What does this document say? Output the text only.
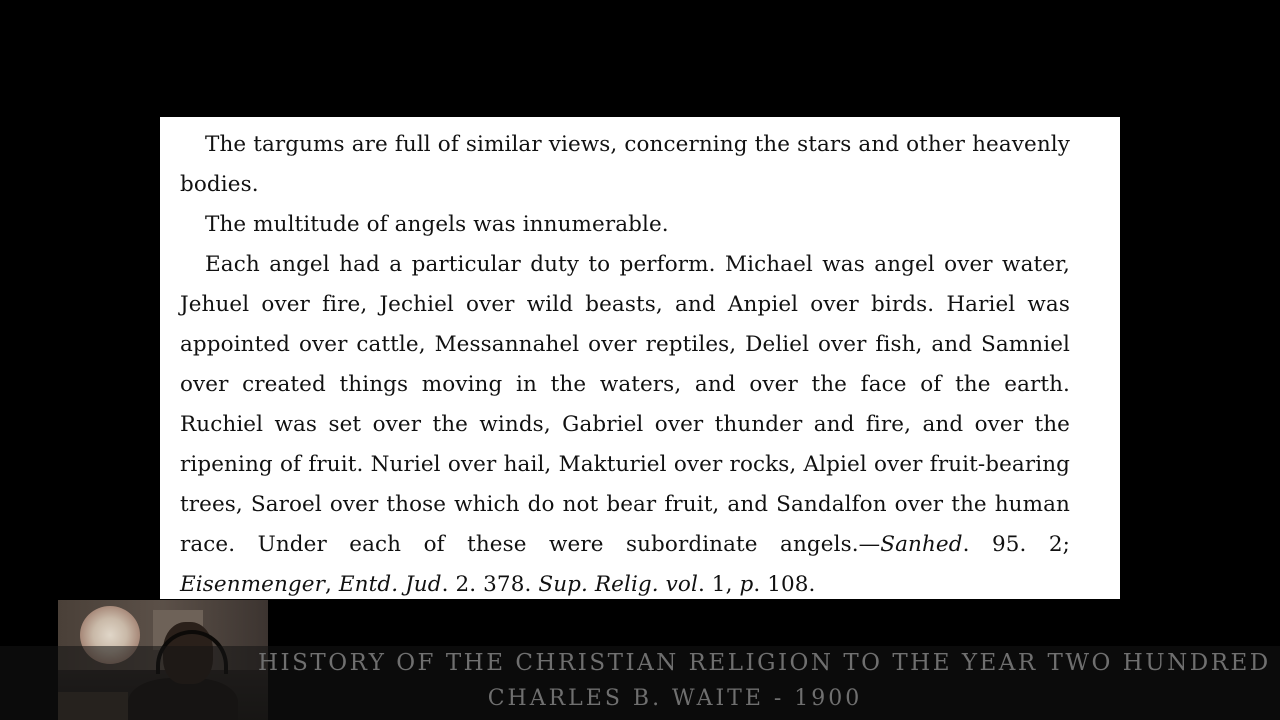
The targums are full of similar views, concerning the stars and other heavenly bodies.

The multitude of angels was innumerable.

Each angel had a particular duty to perform. Michael was angel over water, Jehuel over fire, Jechiel over wild beasts, and Anpiel over birds. Hariel was appointed over cattle, Messannahel over reptiles, Deliel over fish, and Samniel over created things moving in the waters, and over the face of the earth. Ruchiel was set over the winds, Gabriel over thunder and fire, and over the ripening of fruit. Nuriel over hail, Makturiel over rocks, Alpiel over fruit-bearing trees, Saroel over those which do not bear fruit, and Sandalfon over the human race. Under each of these were subordinate angels.—Sanhed. 95. 2; Eisenmenger, Entd. Jud. 2. 378. Sup. Relig. vol. 1, p. 108.

HISTORY OF THE CHRISTIAN RELIGION TO THE YEAR TWO HUNDRED
CHARLES B. WAITE - 1900
